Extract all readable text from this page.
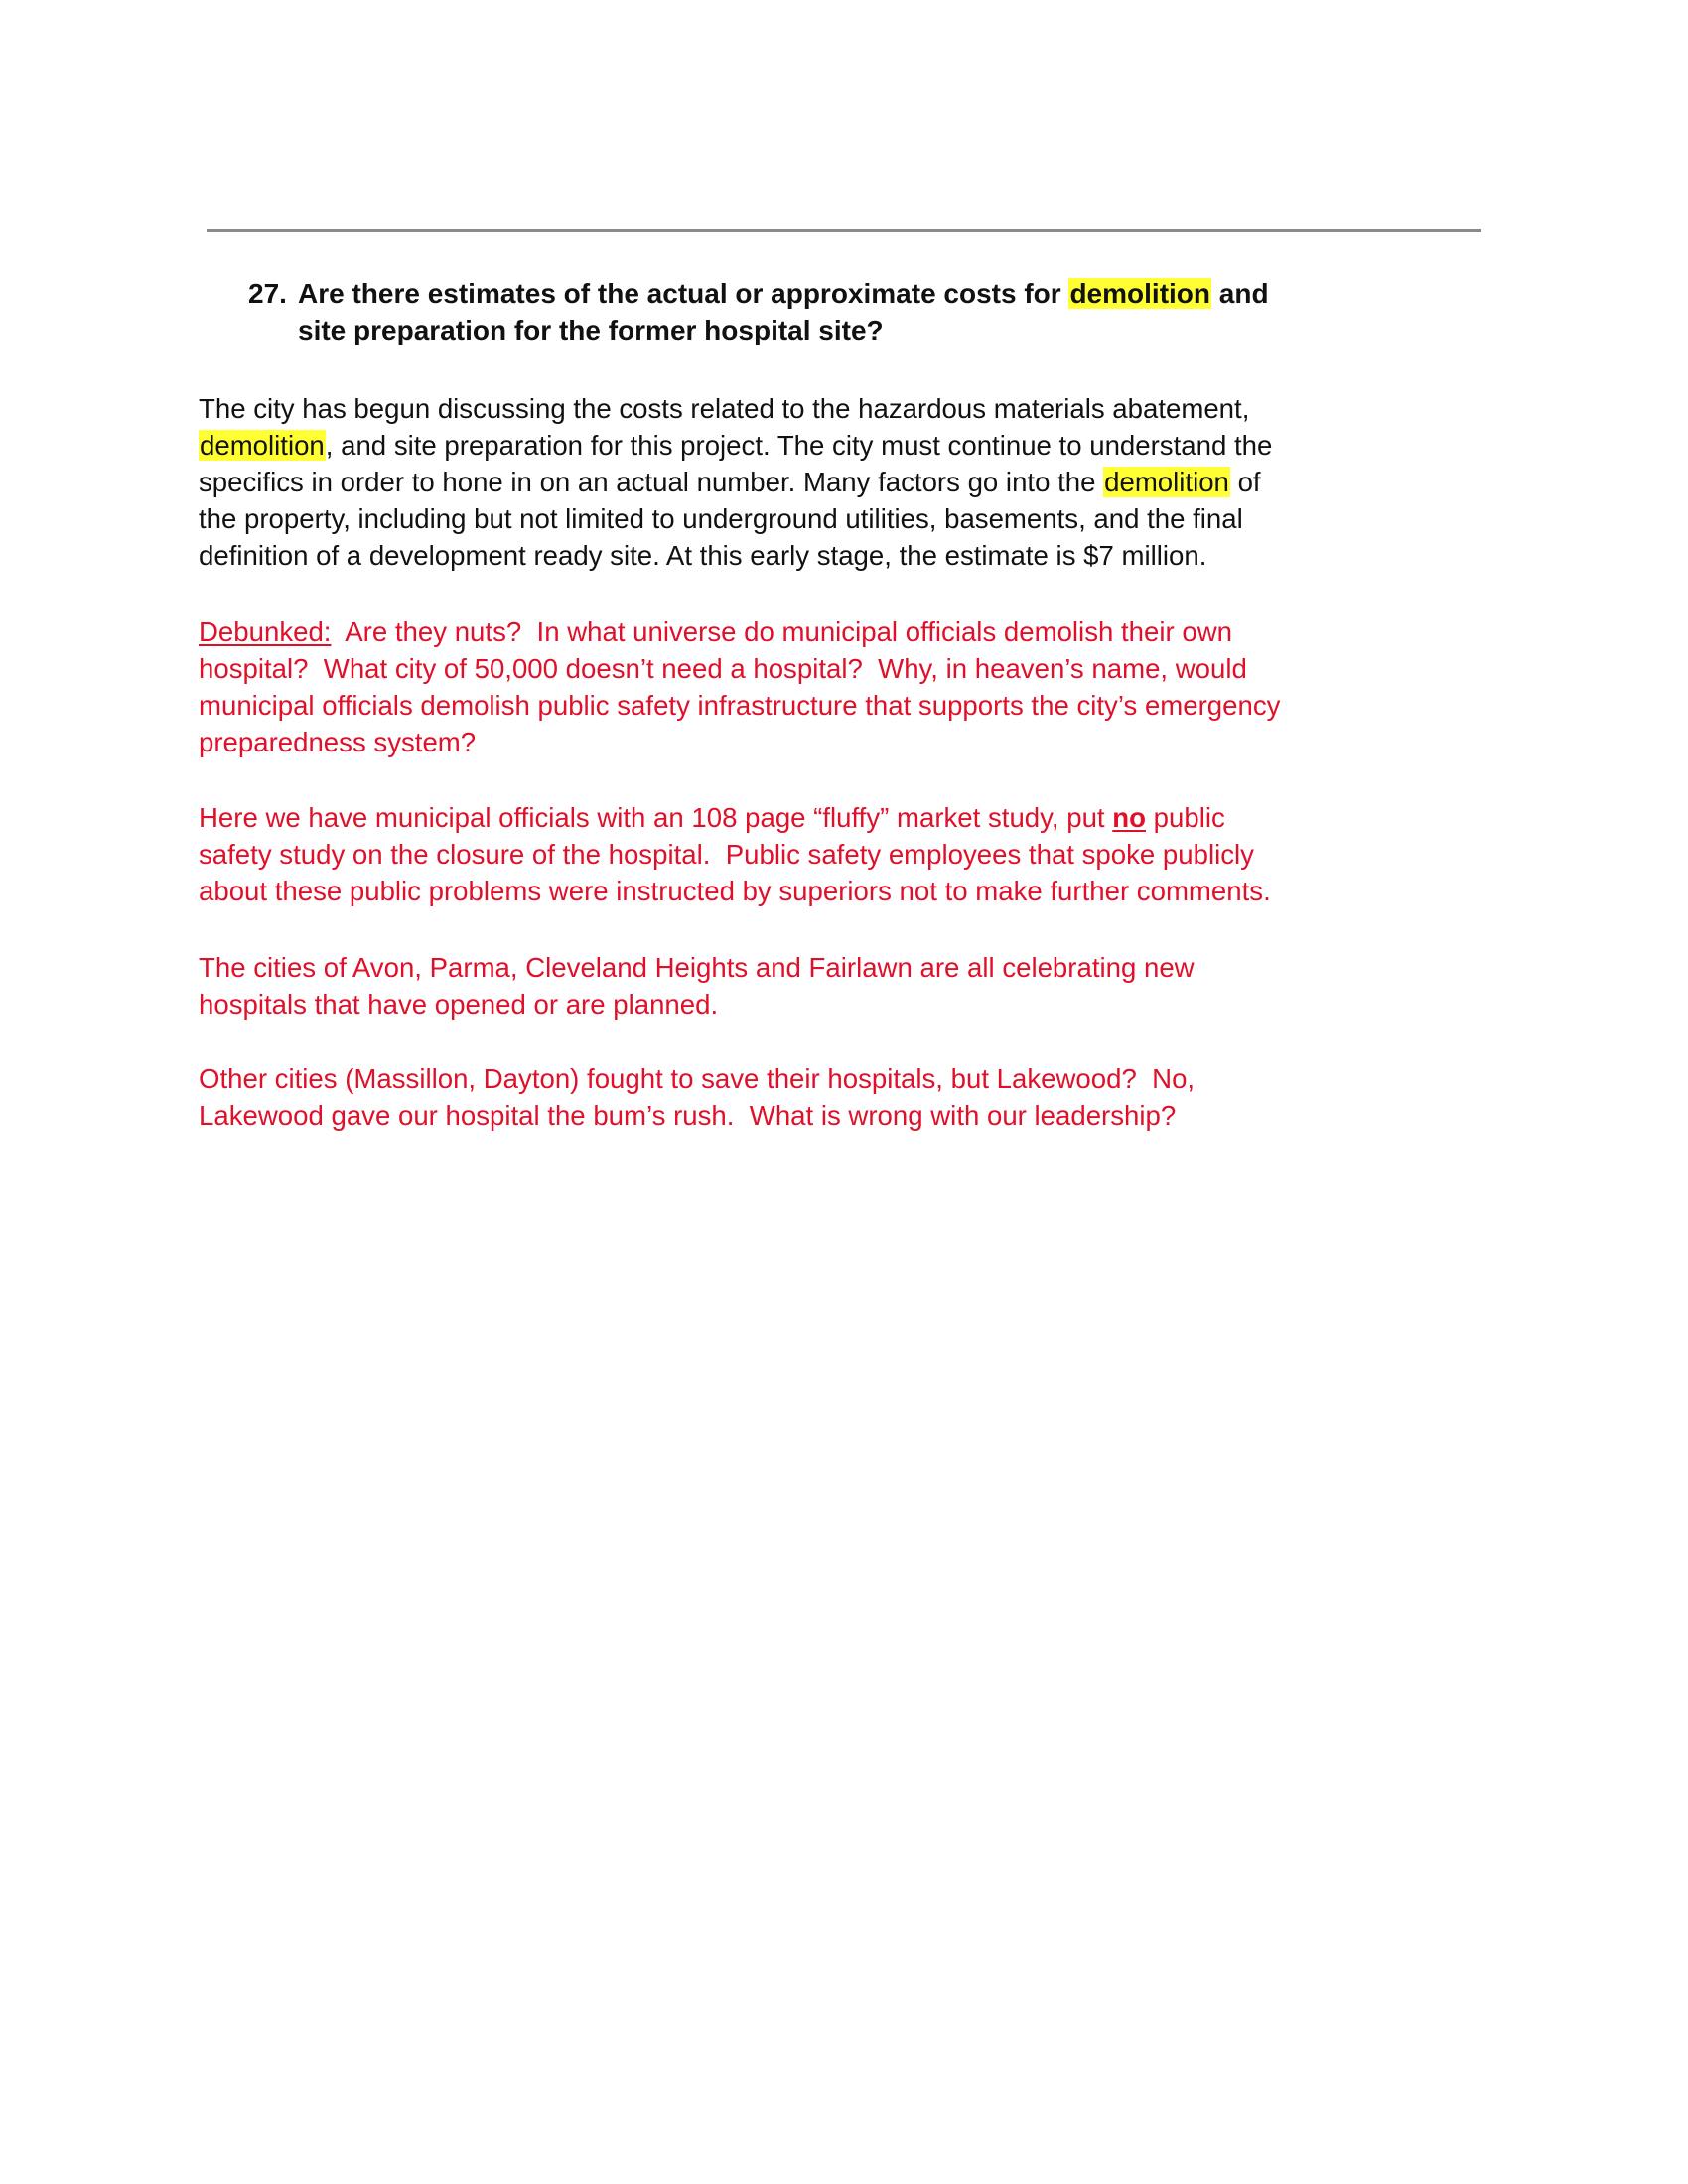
27. Are there estimates of the actual or approximate costs for demolition and
site preparation for the former hospital site?
The city has begun discussing the costs related to the hazardous materials abatement,
demolition, and site preparation for this project. The city must continue to understand the
specifics in order to hone in on an actual number. Many factors go into the demolition of
the property, including but not limited to underground utilities, basements, and the final
definition of a development ready site. At this early stage, the estimate is $7 million.
Debunked:  Are they nuts?  In what universe do municipal officials demolish their own
hospital?  What city of 50,000 doesn’t need a hospital?  Why, in heaven’s name, would
municipal officials demolish public safety infrastructure that supports the city’s emergency
preparedness system?
Here we have municipal officials with an 108 page “fluffy” market study, put no public
safety study on the closure of the hospital.  Public safety employees that spoke publicly
about these public problems were instructed by superiors not to make further comments.
The cities of Avon, Parma, Cleveland Heights and Fairlawn are all celebrating new
hospitals that have opened or are planned.
Other cities (Massillon, Dayton) fought to save their hospitals, but Lakewood?  No,
Lakewood gave our hospital the bum’s rush.  What is wrong with our leadership?
